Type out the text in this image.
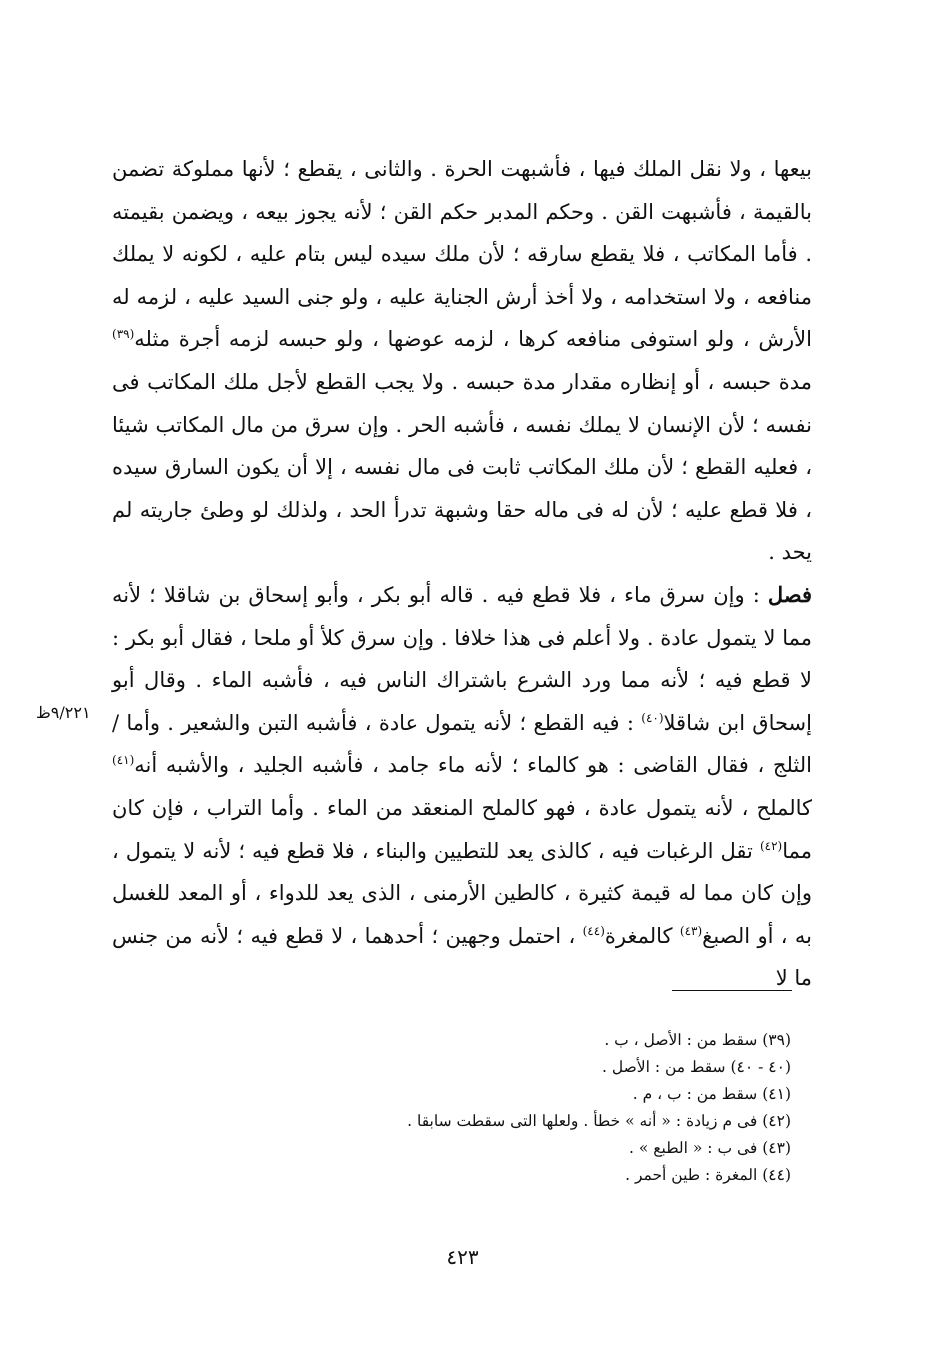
بيعها ، ولا نقل الملك فيها ، فأشبهت الحرة . والثانى ، يقطع ؛ لأنها مملوكة تضمن بالقيمة ، فأشبهت القن . وحكم المدبر حكم القن ؛ لأنه يجوز بيعه ، ويضمن بقيمته . فأما المكاتب ، فلا يقطع سارقه ؛ لأن ملك سيده ليس بتام عليه ، لكونه لا يملك منافعه ، ولا استخدامه ، ولا أخذ أرش الجناية عليه ، ولو جنى السيد عليه ، لزمه له الأرش ، ولو استوفى منافعه كرها ، لزمه عوضها ، ولو حبسه لزمه أجرة مثله$^{(٣٩)}$ مدة حبسه ، أو إنظاره مقدار مدة حبسه . ولا يجب القطع لأجل ملك المكاتب فى نفسه ؛ لأن الإنسان لا يملك نفسه ، فأشبه الحر . وإن سرق من مال المكاتب شيئا ، فعليه القطع ؛ لأن ملك المكاتب ثابت فى مال نفسه ، إلا أن يكون السارق سيده ، فلا قطع عليه ؛ لأن له فى ماله حقا وشبهة تدرأ الحد ، ولذلك لو وطئ جاريته لم يحد .

فصل : وإن سرق ماء ، فلا قطع فيه . قاله أبو بكر ، وأبو إسحاق بن شاقلا ؛ لأنه مما لا يتمول عادة . ولا أعلم فى هذا خلافا . وإن سرق كلأ أو ملحا ، فقال أبو بكر : لا قطع فيه ؛ لأنه مما ورد الشرع باشتراك الناس فيه ، فأشبه الماء . وقال أبو إسحاق ابن شاقلا$^{(٤٠)}$ : فيه القطع ؛ لأنه يتمول عادة ، فأشبه التبن والشعير . وأما / الثلج ، فقال القاضى : هو كالماء ؛ لأنه ماء جامد ، فأشبه الجليد ، والأشبه أنه$^{(٤١)}$ كالملح ، لأنه يتمول عادة ، فهو كالملح المنعقد من الماء . وأما التراب ، فإن كان مما$^{(٤٢)}$ تقل الرغبات فيه ، كالذى يعد للتطيين والبناء ، فلا قطع فيه ؛ لأنه لا يتمول ، وإن كان مما له قيمة كثيرة ، كالطين الأرمنى ، الذى يعد للدواء ، أو المعد للغسل به ، أو الصبغ$^{(٤٣)}$ كالمغرة$^{(٤٤)}$ ، احتمل وجهين ؛ أحدهما ، لا قطع فيه ؛ لأنه من جنس ما لا

٩/٢٢١ظ
(٣٩) سقط من : الأصل ، ب .
(٤٠ - ٤٠) سقط من : الأصل .
(٤١) سقط من : ب ، م .
(٤٢) فى م زيادة : « أنه » خطأ . ولعلها التى سقطت سابقا .
(٤٣) فى ب : « الطبع » .
(٤٤) المغرة : طين أحمر .
٤٢٣
